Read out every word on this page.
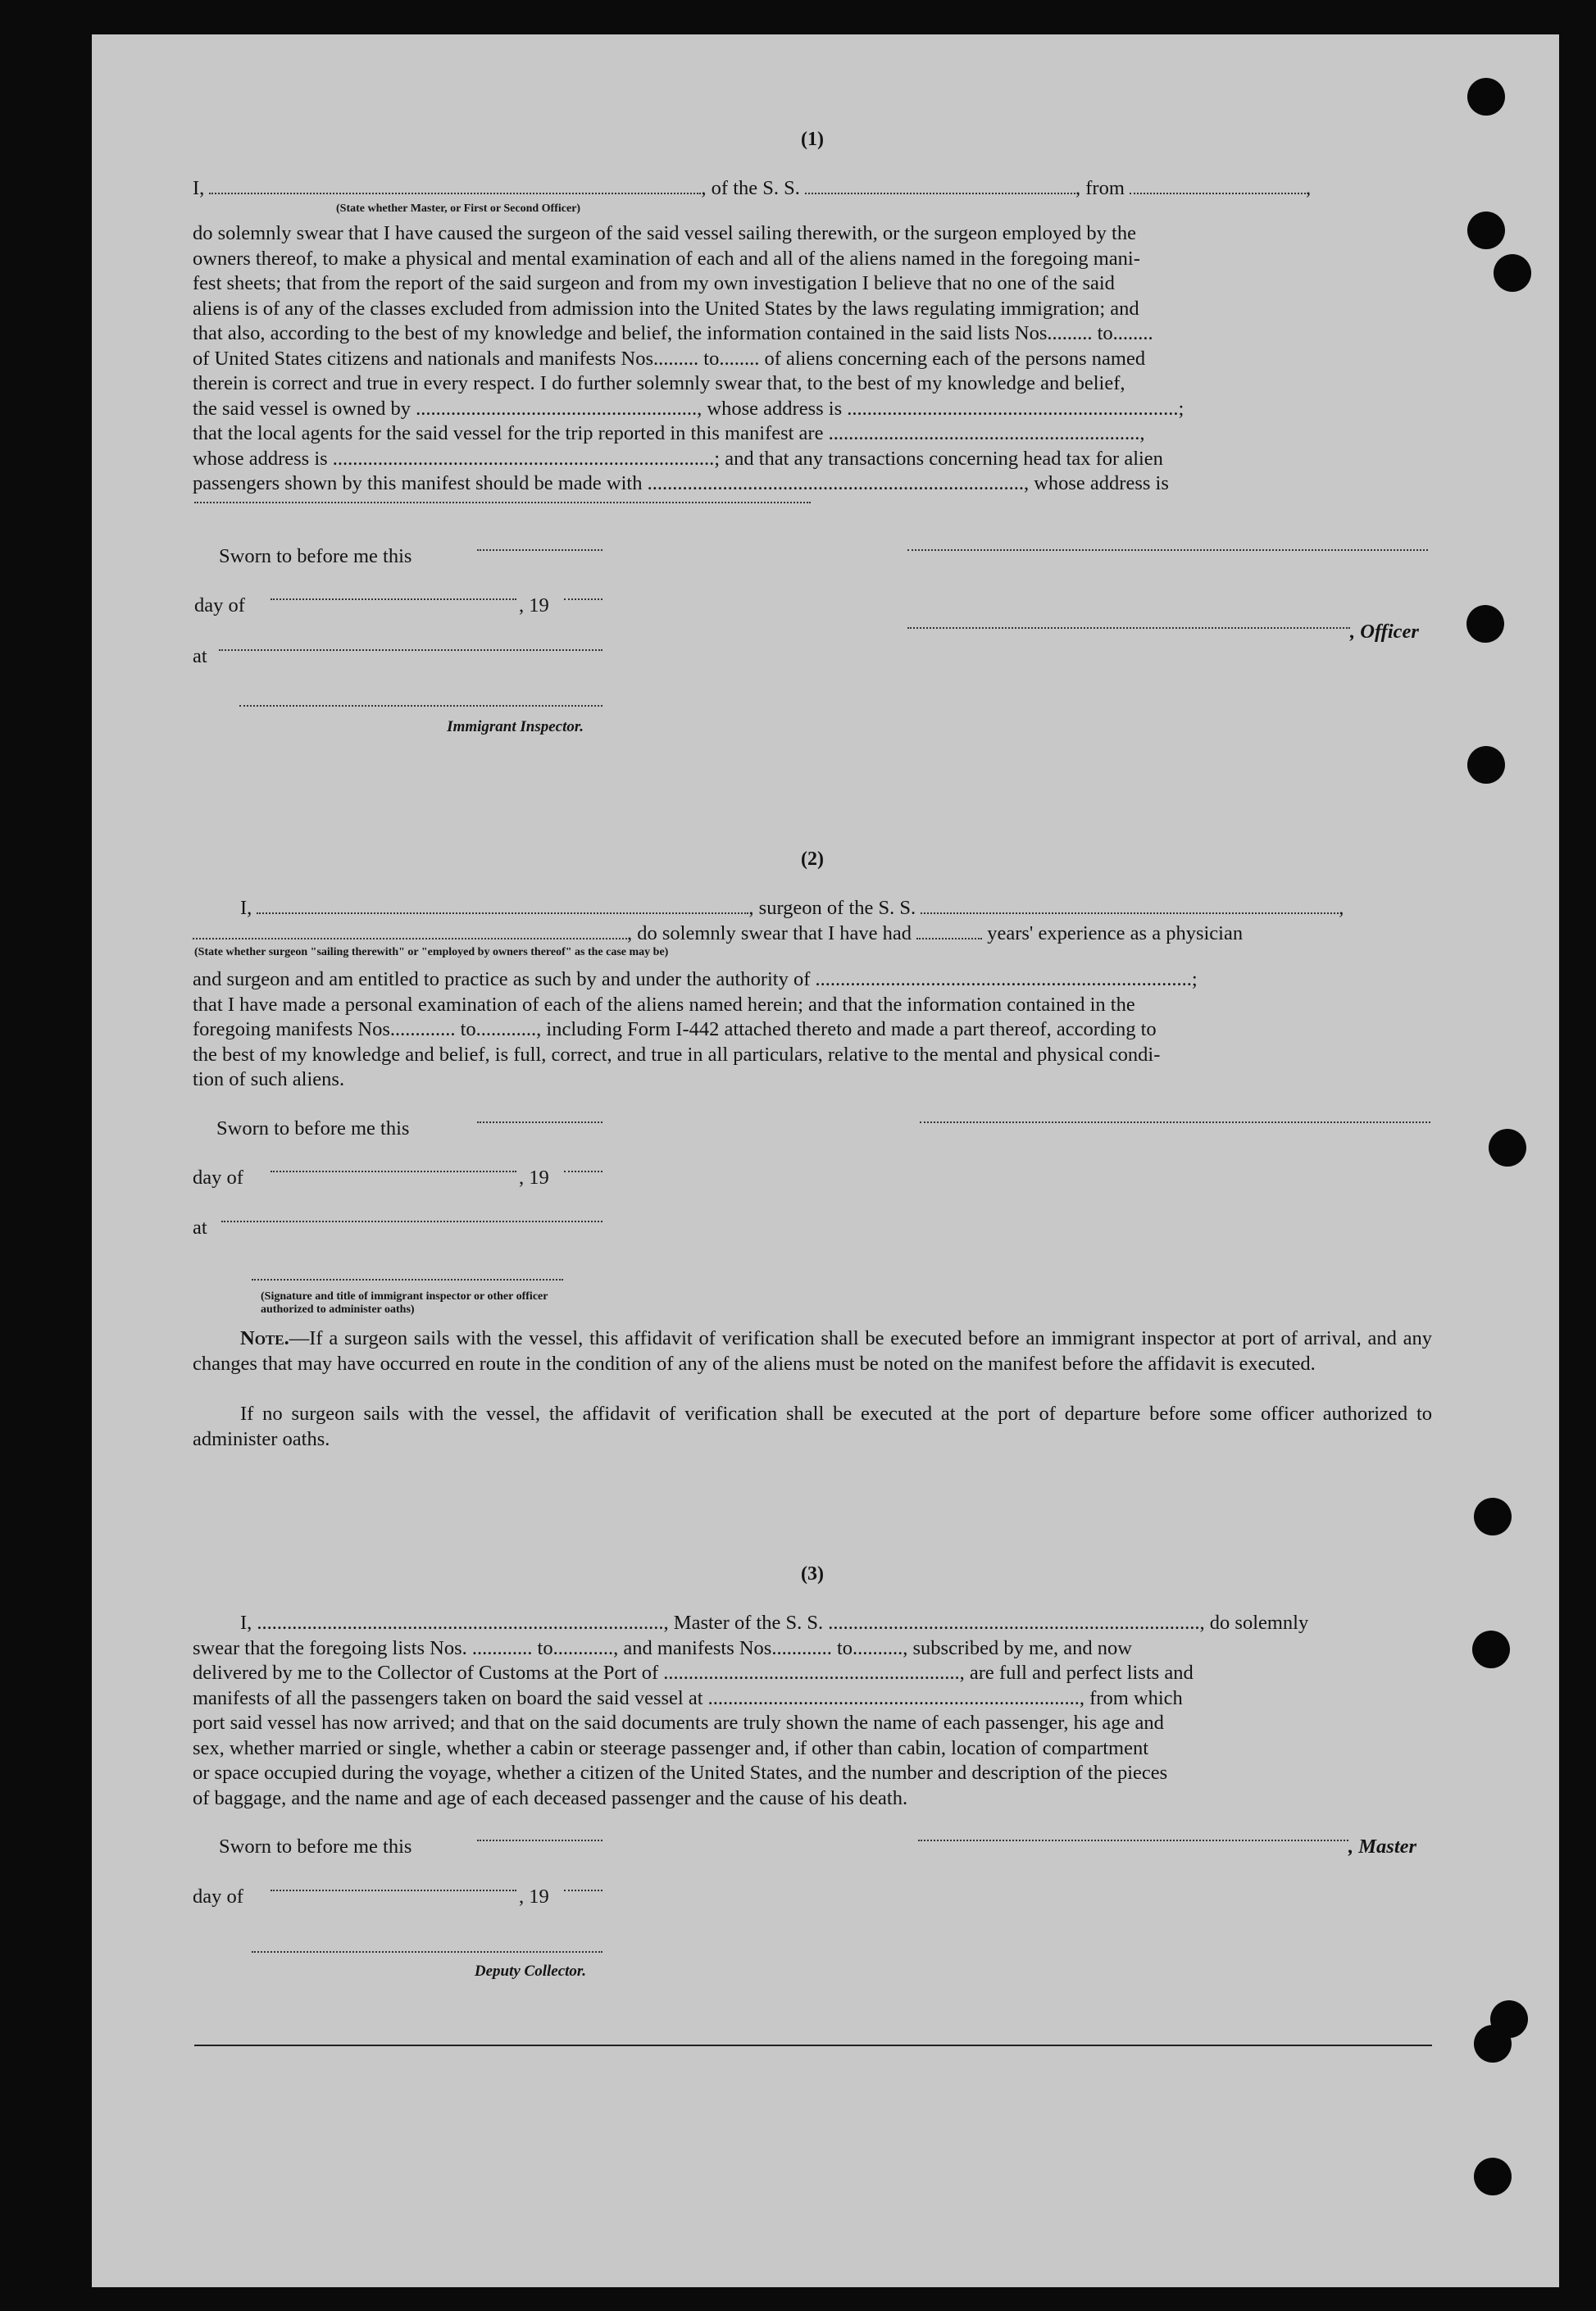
(1)
I,	, of the S. S.	, from	,
(State whether Master, or First or Second Officer)
do solemnly swear that I have caused the surgeon of the said vessel sailing therewith, or the surgeon employed by the
owners thereof, to make a physical and mental examination of each and all of the aliens named in the foregoing mani-
fest sheets; that from the report of the said surgeon and from my own investigation I believe that no one of the said
aliens is of any of the classes excluded from admission into the United States by the laws regulating immigration; and
that also, according to the best of my knowledge and belief, the information contained in the said lists Nos......... to........
of United States citizens and nationals and manifests Nos......... to........ of aliens concerning each of the persons named
therein is correct and true in every respect. I do further solemnly swear that, to the best of my knowledge and belief,
the said vessel is owned by ........................................................, whose address is ..................................................................;
that the local agents for the said vessel for the trip reported in this manifest are ..............................................................,
whose address is ............................................................................; and that any transactions concerning head tax for alien
passengers shown by this manifest should be made with ..........................................................................., whose address is
Sworn to before me this
day of	, 19
, Officer
at
Immigrant Inspector.
(2)
I,	, surgeon of the S. S.	,
, do solemnly swear that I have had	years' experience as a physician
(State whether surgeon "sailing therewith" or "employed by owners thereof" as the case may be)
and surgeon and am entitled to practice as such by and under the authority of ...........................................................................;
that I have made a personal examination of each of the aliens named herein; and that the information contained in the
foregoing manifests Nos............. to............, including Form I-442 attached thereto and made a part thereof, according to
the best of my knowledge and belief, is full, correct, and true in all particulars, relative to the mental and physical condi-
tion of such aliens.
Sworn to before me this
day of	, 19
at
(Signature and title of immigrant inspector or other officer authorized to administer oaths)
Note.—If a surgeon sails with the vessel, this affidavit of verification shall be executed before an immigrant inspector at port of arrival, and any changes that may have occurred en route in the condition of any of the aliens must be noted on the manifest before the affidavit is executed.
If no surgeon sails with the vessel, the affidavit of verification shall be executed at the port of departure before some officer authorized to administer oaths.
(3)
I, ................................................................................., Master of the S. S. .........................................................................., do solemnly
swear that the foregoing lists Nos. ............ to............, and manifests Nos............ to.........., subscribed by me, and now
delivered by me to the Collector of Customs at the Port of ..........................................................., are full and perfect lists and
manifests of all the passengers taken on board the said vessel at .........................................................................., from which
port said vessel has now arrived; and that on the said documents are truly shown the name of each passenger, his age and
sex, whether married or single, whether a cabin or steerage passenger and, if other than cabin, location of compartment
or space occupied during the voyage, whether a citizen of the United States, and the number and description of the pieces
of baggage, and the name and age of each deceased passenger and the cause of his death.
Sworn to before me this	, Master
day of	, 19
Deputy Collector.
